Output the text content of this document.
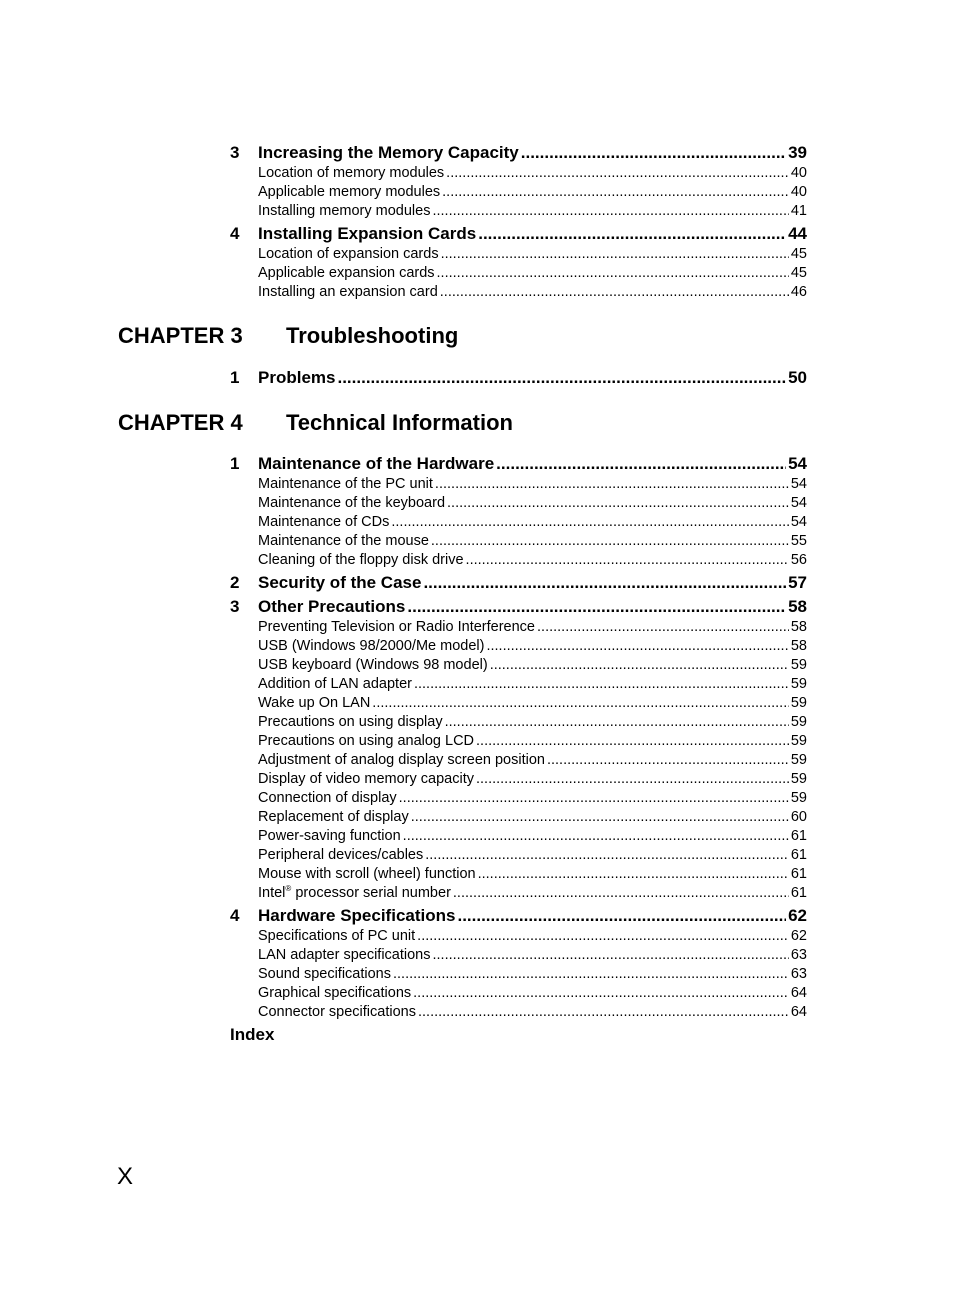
3	Increasing the Memory Capacity .....	39
Location of memory modules .....	40
Applicable memory modules .....	40
Installing memory modules .....	41
4	Installing Expansion Cards .....	44
Location of expansion cards .....	45
Applicable expansion cards .....	45
Installing an expansion card .....	46
CHAPTER 3	Troubleshooting
1	Problems .....	50
CHAPTER 4	Technical Information
1	Maintenance of the Hardware .....	54
Maintenance of the PC unit .....	54
Maintenance of the keyboard .....	54
Maintenance of CDs .....	54
Maintenance of the mouse .....	55
Cleaning of the floppy disk drive .....	56
2	Security of the Case .....	57
3	Other Precautions .....	58
Preventing Television or Radio Interference .....	58
USB (Windows 98/2000/Me model) .....	58
USB keyboard (Windows 98 model) .....	59
Addition of LAN adapter .....	59
Wake up On LAN .....	59
Precautions on using display .....	59
Precautions on using analog LCD .....	59
Adjustment of analog display screen position .....	59
Display of video memory capacity .....	59
Connection of display .....	59
Replacement of display .....	60
Power-saving function .....	61
Peripheral devices/cables .....	61
Mouse with scroll (wheel) function .....	61
Intel® processor serial number .....	61
4	Hardware Specifications .....	62
Specifications of PC unit .....	62
LAN adapter specifications .....	63
Sound specifications .....	63
Graphical specifications .....	64
Connector specifications .....	64
Index
X
